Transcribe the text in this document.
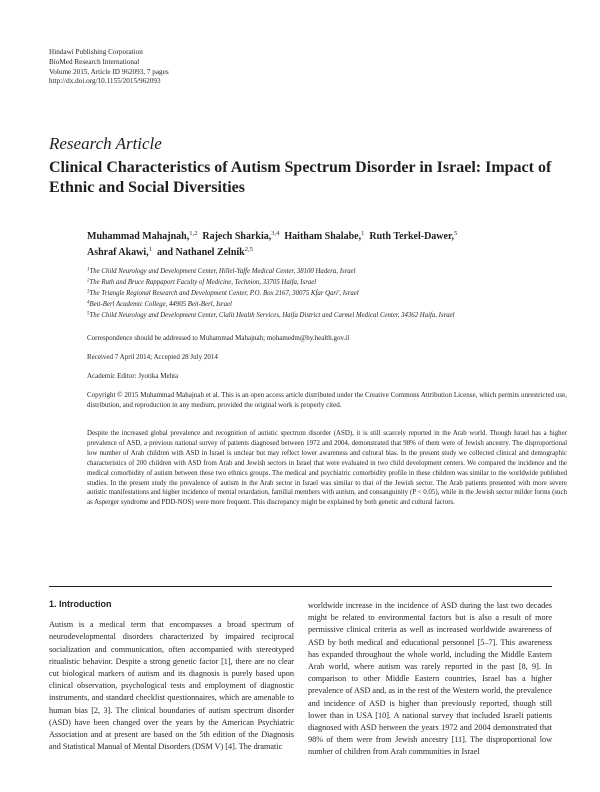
Hindawi Publishing Corporation
BioMed Research International
Volume 2015, Article ID 962093, 7 pages
http://dx.doi.org/10.1155/2015/962093
Research Article
Clinical Characteristics of Autism Spectrum Disorder in Israel: Impact of Ethnic and Social Diversities
Muhammad Mahajnah,$^{1,2}$ Rajech Sharkia,$^{3,4}$ Haitham Shalabe,$^1$ Ruth Terkel-Dawer,$^5$
Ashraf Akawi,$^1$ and Nathanel Zelnik$^{2,5}$
$^1$The Child Neurology and Development Center, Hillel-Yaffe Medical Center, 38100 Hadera, Israel
$^2$The Ruth and Bruce Rappaport Faculty of Medicine, Technion, 33705 Haifa, Israel
$^3$The Triangle Regional Research and Development Center, P.O. Box 2167, 30075 Kfar Qari', Israel
$^4$Beit-Berl Academic College, 44905 Beit-Berl, Israel
$^5$The Child Neurology and Development Center, Clalit Health Services, Haifa District and Carmel Medical Center, 34362 Haifa, Israel
Correspondence should be addressed to Muhammad Mahajnah; mohamedm@hy.health.gov.il
Received 7 April 2014; Accepted 28 July 2014
Academic Editor: Jyotika Mehta
Copyright © 2015 Muhammad Mahajnah et al. This is an open access article distributed under the Creative Commons Attribution License, which permits unrestricted use, distribution, and reproduction in any medium, provided the original work is properly cited.
Despite the increased global prevalence and recognition of autistic spectrum disorder (ASD), it is still scarcely reported in the Arab world. Though Israel has a higher prevalence of ASD, a previous national survey of patients diagnosed between 1972 and 2004, demonstrated that 98% of them were of Jewish ancestry. The disproportional low number of Arab children with ASD in Israel is unclear but may reflect lower awareness and cultural bias. In the present study we collected clinical and demographic characteristics of 200 children with ASD from Arab and Jewish sectors in Israel that were evaluated in two child development centers. We compared the incidence and the medical comorbidity of autism between these two ethnics groups. The medical and psychiatric comorbidity profile in these children was similar to the worldwide published studies. In the present study the prevalence of autism in the Arab sector in Israel was similar to that of the Jewish sector. The Arab patients presented with more severe autistic manifestations and higher incidence of mental retardation, familial members with autism, and consanguinity (P < 0.05), while in the Jewish sector milder forms (such as Asperger syndrome and PDD-NOS) were more frequent. This discrepancy might be explained by both genetic and cultural factors.
1. Introduction
Autism is a medical term that encompasses a broad spectrum of neurodevelopmental disorders characterized by impaired reciprocal socialization and communication, often accompanied with stereotyped ritualistic behavior. Despite a strong genetic factor [1], there are no clear cut biological markers of autism and its diagnosis is purely based upon clinical observation, psychological tests and employment of diagnostic instruments, and standard checklist questionnaires, which are amenable to human bias [2, 3]. The clinical boundaries of autism spectrum disorder (ASD) have been changed over the years by the American Psychiatric Association and at present are based on the 5th edition of the Diagnosis and Statistical Manual of Mental Disorders (DSM V) [4]. The dramatic
worldwide increase in the incidence of ASD during the last two decades might be related to environmental factors but is also a result of more permissive clinical criteria as well as increased worldwide awareness of ASD by both medical and educational personnel [5–7]. This awareness has expanded throughout the whole world, including the Middle Eastern Arab world, where autism was rarely reported in the past [8, 9]. In comparison to other Middle Eastern countries, Israel has a higher prevalence of ASD and, as in the rest of the Western world, the prevalence and incidence of ASD is higher than previously reported, though still lower than in USA [10]. A national survey that included Israeli patients diagnosed with ASD between the years 1972 and 2004 demonstrated that 98% of them were from Jewish ancestry [11]. The disproportional low number of children from Arab communities in Israel
